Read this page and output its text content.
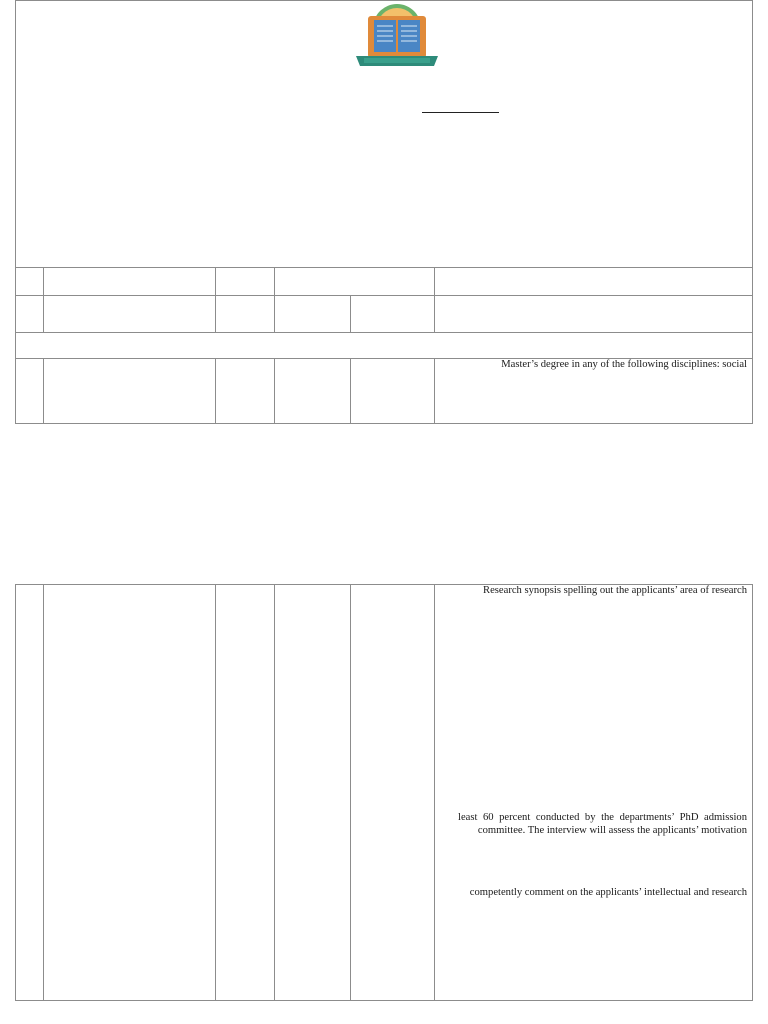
Master’s degree in any of the following disciplines: social

Research synopsis spelling out the applicants’ area of research

least 60 percent conducted by the departments’ PhD admission committee. The interview will assess the applicants’ motivation

competently comment on the applicants’ intellectual and research
